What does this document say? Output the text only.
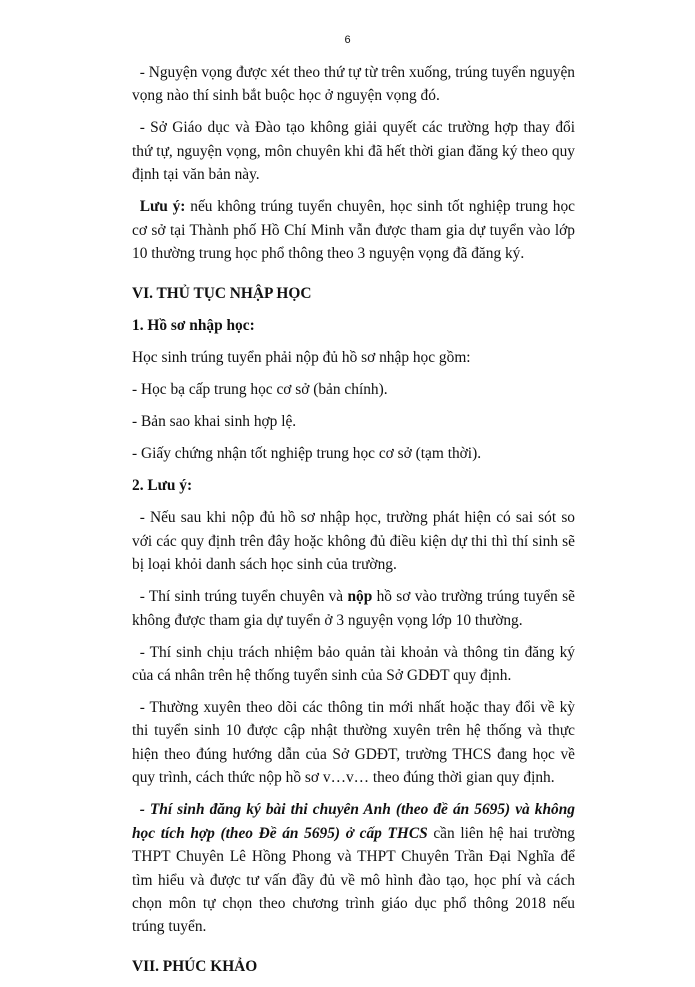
6

- Nguyện vọng được xét theo thứ tự từ trên xuống, trúng tuyển nguyện vọng nào thí sinh bắt buộc học ở nguyện vọng đó.

- Sở Giáo dục và Đào tạo không giải quyết các trường hợp thay đổi thứ tự, nguyện vọng, môn chuyên khi đã hết thời gian đăng ký theo quy định tại văn bản này.

Lưu ý: nếu không trúng tuyển chuyên, học sinh tốt nghiệp trung học cơ sở tại Thành phố Hồ Chí Minh vẫn được tham gia dự tuyển vào lớp 10 thường trung học phổ thông theo 3 nguyện vọng đã đăng ký.

VI. THỦ TỤC NHẬP HỌC

1. Hồ sơ nhập học:

Học sinh trúng tuyển phải nộp đủ hồ sơ nhập học gồm:

- Học bạ cấp trung học cơ sở (bản chính).

- Bản sao khai sinh hợp lệ.

- Giấy chứng nhận tốt nghiệp trung học cơ sở (tạm thời).

2. Lưu ý:

- Nếu sau khi nộp đủ hồ sơ nhập học, trường phát hiện có sai sót so với các quy định trên đây hoặc không đủ điều kiện dự thi thì thí sinh sẽ bị loại khỏi danh sách học sinh của trường.

- Thí sinh trúng tuyển chuyên và nộp hồ sơ vào trường trúng tuyển sẽ không được tham gia dự tuyển ở 3 nguyện vọng lớp 10 thường.

- Thí sinh chịu trách nhiệm bảo quản tài khoản và thông tin đăng ký của cá nhân trên hệ thống tuyển sinh của Sở GDĐT quy định.

- Thường xuyên theo dõi các thông tin mới nhất hoặc thay đổi về kỳ thi tuyển sinh 10 được cập nhật thường xuyên trên hệ thống và thực hiện theo đúng hướng dẫn của Sở GDĐT, trường THCS đang học về quy trình, cách thức nộp hồ sơ v…v… theo đúng thời gian quy định.

- Thí sinh đăng ký bài thi chuyên Anh (theo đề án 5695) và không học tích hợp (theo Đề án 5695) ở cấp THCS cần liên hệ hai trường THPT Chuyên Lê Hồng Phong và THPT Chuyên Trần Đại Nghĩa để tìm hiểu và được tư vấn đầy đủ về mô hình đào tạo, học phí và cách chọn môn tự chọn theo chương trình giáo dục phổ thông 2018 nếu trúng tuyển.

VII. PHÚC KHẢO
